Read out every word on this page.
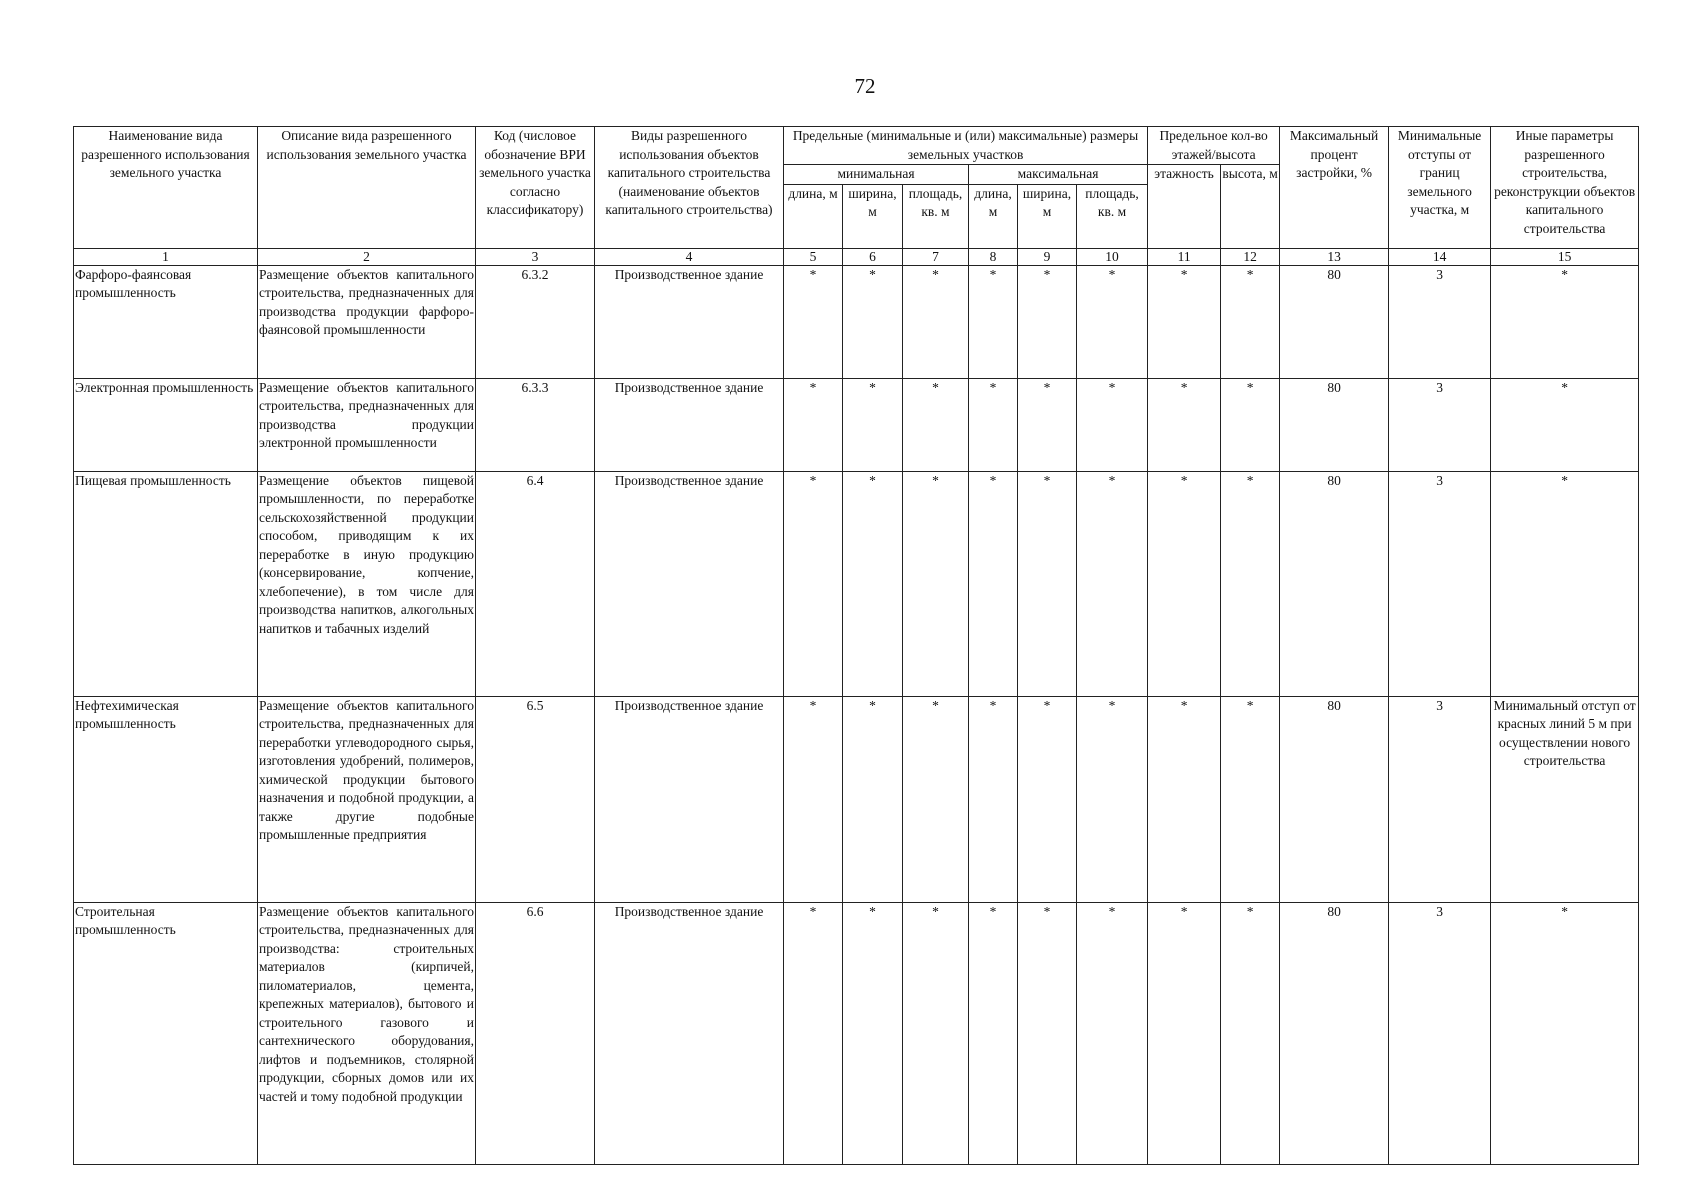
72
Наименование вида разрешенного использования земельного участка	Описание вида разрешенного использования земельного участка	Код (числовое обозначение ВРИ земельного участка согласно классификатору)	Виды разрешенного использования объектов капитального строительства (наименование объектов капитального строительства)	Предельные (минимальные и (или) максимальные) размеры земельных участков						Предельное кол-во этажей/высота		Максимальный процент застройки, %	Минимальные отступы от границ земельного участка, м	Иные параметры разрешенного строительства, реконструкции объектов капитального строительства

				минимальная			максимальная			этажность	высота, м			
				длина, м	ширина, м	площадь, кв. м	длина, м	ширина, м	площадь, кв. м					
1	2	3	4	5	6	7	8	9	10	11	12	13	14	15
Фарфоро-фаянсовая промышленность	Размещение объектов капитального строительства, предназначенных для производства продукции фарфоро-фаянсовой промышленности	6.3.2	Производственное здание	*	*	*	*	*	*	*	*	80	3	*
Электронная промышленность	Размещение объектов капитального строительства, предназначенных для производства продукции электронной промышленности	6.3.3	Производственное здание	*	*	*	*	*	*	*	*	80	3	*
Пищевая промышленность	Размещение объектов пищевой промышленности, по переработке сельскохозяйственной продукции способом, приводящим к их переработке в иную продукцию (консервирование, копчение, хлебопечение), в том числе для производства напитков, алкогольных напитков и табачных изделий	6.4	Производственное здание	*	*	*	*	*	*	*	*	80	3	*
Нефтехимическая промышленность	Размещение объектов капитального строительства, предназначенных для переработки углеводородного сырья, изготовления удобрений, полимеров, химической продукции бытового назначения и подобной продукции, а также другие подобные промышленные предприятия	6.5	Производственное здание	*	*	*	*	*	*	*	*	80	3	Минимальный отступ от красных линий 5 м при осуществлении нового строительства
Строительная промышленность	Размещение объектов капитального строительства, предназначенных для производства: строительных материалов (кирпичей, пиломатериалов, цемента, крепежных материалов), бытового и строительного газового и сантехнического оборудования, лифтов и подъемников, столярной продукции, сборных домов или их частей и тому подобной продукции	6.6	Производственное здание	*	*	*	*	*	*	*	*	80	3	*
